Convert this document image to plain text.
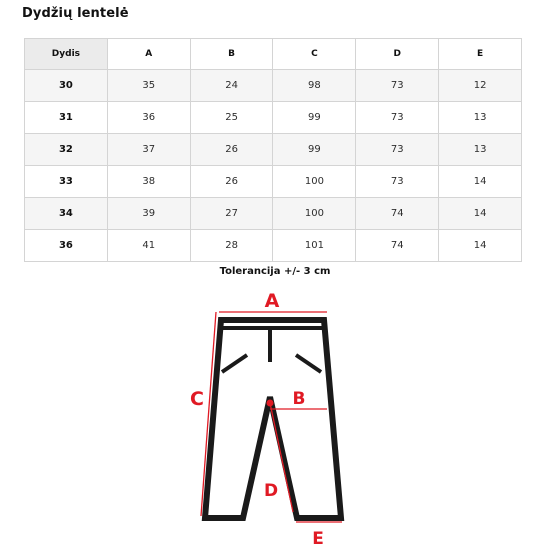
Dydžių lentelė
Dydis	A	B	C	D	E
30	35	24	98	73	12
31	36	25	99	73	13
32	37	26	99	73	13
33	38	26	100	73	14
34	39	27	100	74	14
36	41	28	101	74	14
Tolerancija +/- 3 cm
A
C	B
D
E
